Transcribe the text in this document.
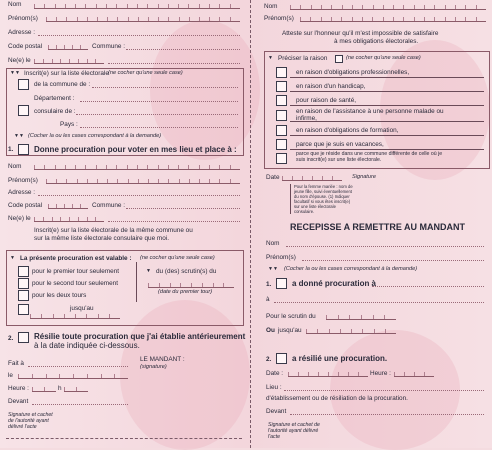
Nom
Prénom(s)
Adresse :
Code postal	Commune :
Ne(e) le
▼▼ Inscrit(e) sur la liste électorale (ne cocher qu'une seule case)
de la commune de :
Département :
consulaire de :
Pays :
▼▼ (Cocher la ou les cases correspondant à la demande)
1.	Donne procuration pour voter en mes lieu et place à :
Nom
Prénom(s)
Adresse :
Code postal	Commune :
Ne(e) le
Inscrit(e) sur la liste électorale de la même commune ou
sur la même liste électorale consulaire que moi.
▼ La présente procuration est valable : (ne cocher qu'une seule case)
pour le premier tour seulement
pour le second tour seulement
pour les deux tours
▼ du (des) scrutin(s) du
(date du premier tour)
jusqu'au
2.	Résilie toute procuration que j'ai établie antérieurement
à la date indiquée ci-dessous.
Fait à
LE MANDANT :
(signature)
le
Heure :	h
Devant
Signature et cachet de l'autorité ayant délivré l'acte
Nom
Prénom(s)
Atteste sur l'honneur qu'il m'est impossible de satisfaire
à mes obligations électorales.
▼ Préciser la raison	(ne cocher qu'une seule case)
en raison d'obligations professionnelles,
en raison d'un handicap,
pour raison de santé,
en raison de l'assistance à une personne malade ou infirme,
en raison d'obligations de formation,
parce que je suis en vacances,
parce que je réside dans une commune différente de celle où je suis inscrit(e) sur une liste électorale.
Date	Signature
Pour la femme mariée : nom de jeune fille, suivi éventuellement du nom d'épouse. (1) Indiquer facultatif si vous êtes inscrit(e) sur une liste électorale consulaire.
RECEPISSE A REMETTRE AU MANDANT
Nom
Prénom(s)
▼▼ (Cocher la ou les cases correspondant à la demande)
1.	a donné procuration à
à
Pour le scrutin du
Ou jusqu'au
2.	a résilié une procuration.
Date :	Heure :
Lieu :
d'établissement ou de résiliation de la procuration.
Devant
Signature et cachet de l'autorité ayant délivré l'acte
